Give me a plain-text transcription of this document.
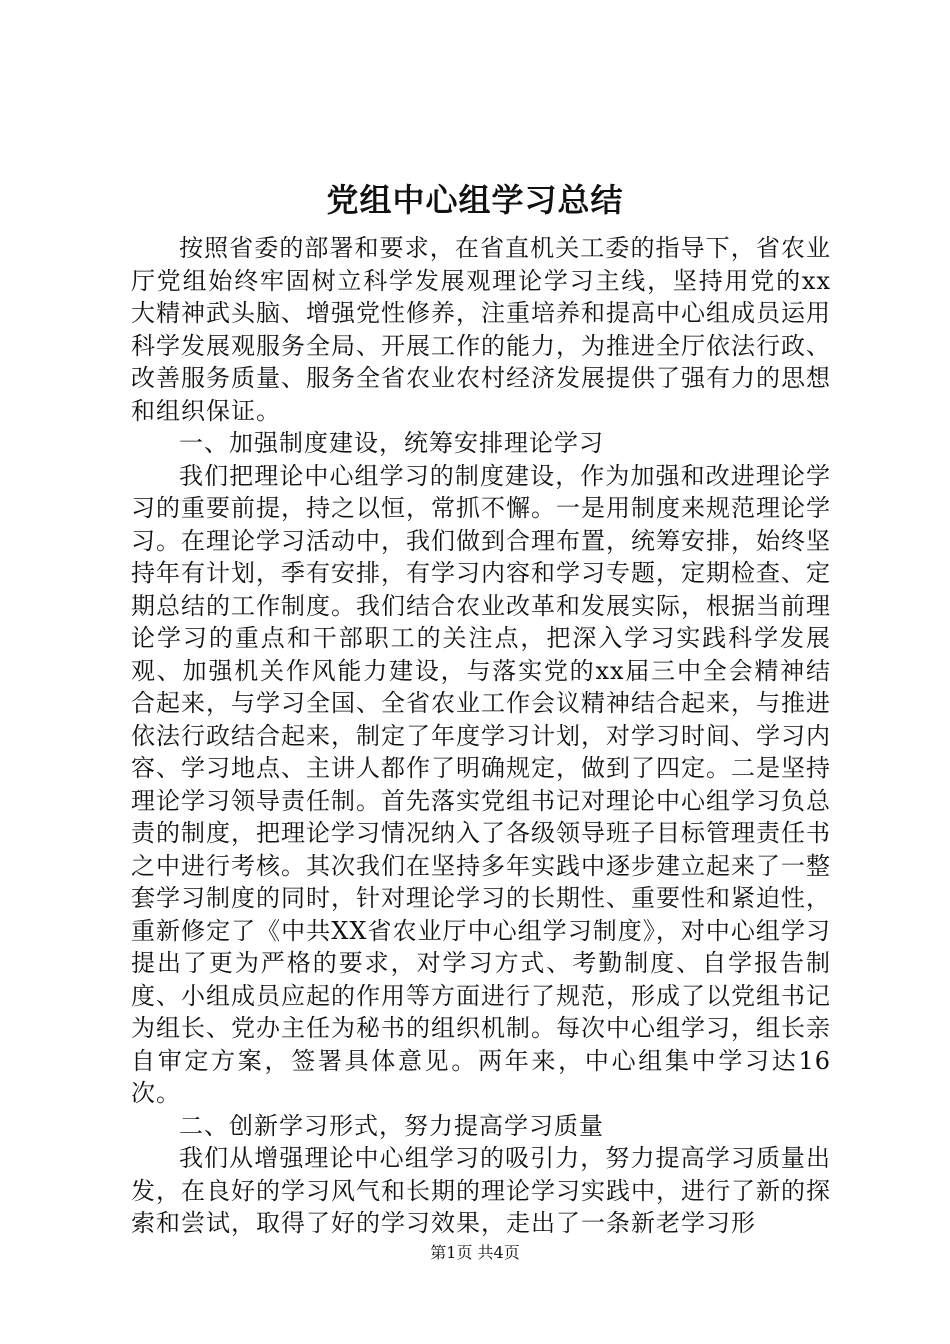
党组中心组学习总结

按照省委的部署和要求，在省直机关工委的指导下，省农业厅党组始终牢固树立科学发展观理论学习主线，坚持用党的xx大精神武头脑、增强党性修养，注重培养和提高中心组成员运用科学发展观服务全局、开展工作的能力，为推进全厅依法行政、改善服务质量、服务全省农业农村经济发展提供了强有力的思想和组织保证。

一、加强制度建设，统筹安排理论学习

我们把理论中心组学习的制度建设，作为加强和改进理论学习的重要前提，持之以恒，常抓不懈。一是用制度来规范理论学习。在理论学习活动中，我们做到合理布置，统筹安排，始终坚持年有计划，季有安排，有学习内容和学习专题，定期检查、定期总结的工作制度。我们结合农业改革和发展实际，根据当前理论学习的重点和干部职工的关注点，把深入学习实践科学发展观、加强机关作风能力建设，与落实党的xx届三中全会精神结合起来，与学习全国、全省农业工作会议精神结合起来，与推进依法行政结合起来，制定了年度学习计划，对学习时间、学习内容、学习地点、主讲人都作了明确规定，做到了四定。二是坚持理论学习领导责任制。首先落实党组书记对理论中心组学习负总责的制度，把理论学习情况纳入了各级领导班子目标管理责任书之中进行考核。其次我们在坚持多年实践中逐步建立起来了一整套学习制度的同时，针对理论学习的长期性、重要性和紧迫性，重新修定了《中共XX省农业厅中心组学习制度》，对中心组学习提出了更为严格的要求，对学习方式、考勤制度、自学报告制度、小组成员应起的作用等方面进行了规范，形成了以党组书记为组长、党办主任为秘书的组织机制。每次中心组学习，组长亲自审定方案，签署具体意见。两年来，中心组集中学习达16次。

二、创新学习形式，努力提高学习质量

我们从增强理论中心组学习的吸引力，努力提高学习质量出发，在良好的学习风气和长期的理论学习实践中，进行了新的探索和尝试，取得了好的学习效果，走出了一条新老学习形

第1页 共4页
